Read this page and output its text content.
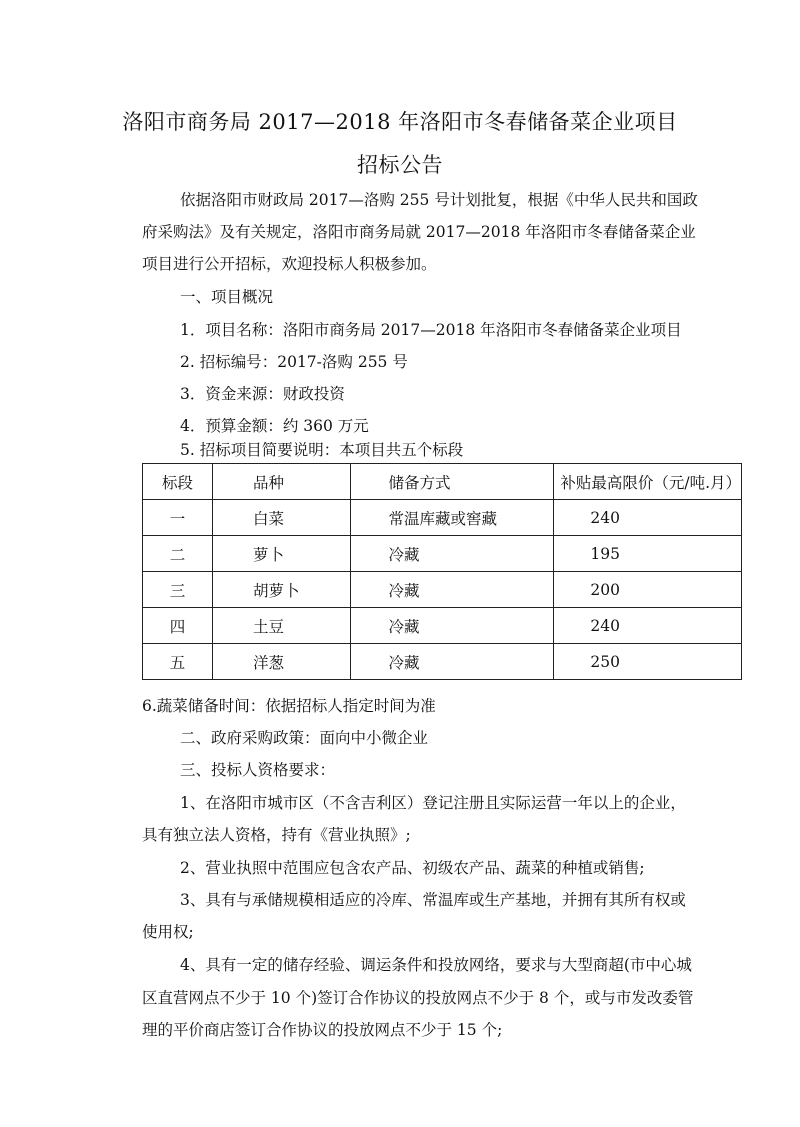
洛阳市商务局 2017—2018 年洛阳市冬春储备菜企业项目
招标公告
依据洛阳市财政局 2017—洛购 255 号计划批复，根据《中华人民共和国政
府采购法》及有关规定，洛阳市商务局就 2017—2018 年洛阳市冬春储备菜企业
项目进行公开招标，欢迎投标人积极参加。
一、项目概况
1．项目名称：洛阳市商务局 2017—2018 年洛阳市冬春储备菜企业项目
2. 招标编号：2017-洛购 255 号
3．资金来源：财政投资
4．预算金额：约 360 万元
5. 招标项目简要说明：本项目共五个标段
标段	品种	储备方式	补贴最高限价（元/吨.月）
一	白菜	常温库藏或窖藏	240
二	萝卜	冷藏	195
三	胡萝卜	冷藏	200
四	土豆	冷藏	240
五	洋葱	冷藏	250
6.蔬菜储备时间：依据招标人指定时间为准
二、政府采购政策：面向中小微企业
三、投标人资格要求：
1、在洛阳市城市区（不含吉利区）登记注册且实际运营一年以上的企业，
具有独立法人资格，持有《营业执照》;
2、营业执照中范围应包含农产品、初级农产品、蔬菜的种植或销售;
3、具有与承储规模相适应的冷库、常温库或生产基地，并拥有其所有权或
使用权;
4、具有一定的储存经验、调运条件和投放网络，要求与大型商超(市中心城
区直营网点不少于 10 个)签订合作协议的投放网点不少于 8 个，或与市发改委管
理的平价商店签订合作协议的投放网点不少于 15 个;
